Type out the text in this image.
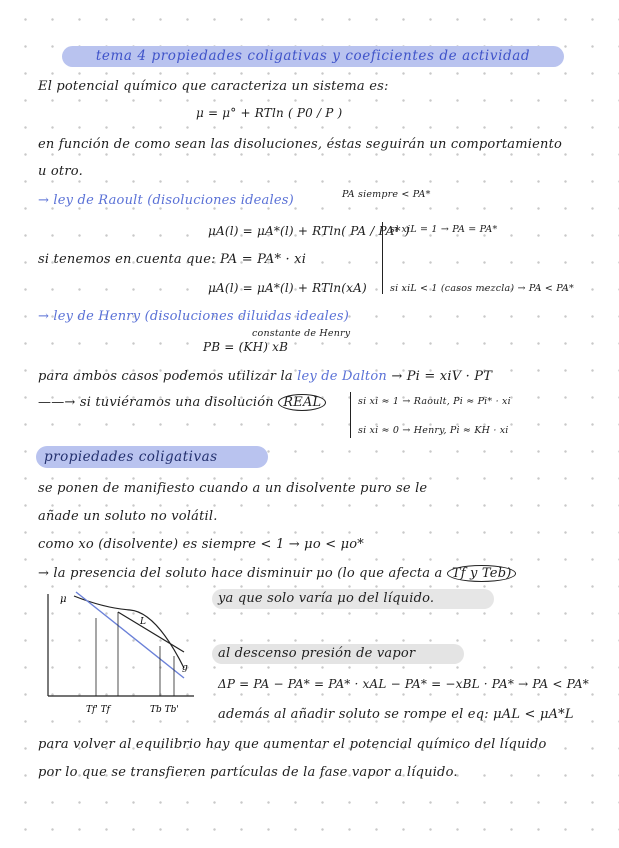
tema 4 propiedades coligativas y coeficientes de actividad
El potencial químico que caracteriza un sistema es:
μ = μ° + RTln ( P0 / P )
en función de como sean las disoluciones, éstas seguirán un comportamiento
u otro.
→ ley de Raoult (disoluciones ideales)	PA siempre < PA*
μA(l) = μA*(l) + RTln( PA / PA* )
si tenemos en cuenta que: PA = PA* · xi
μA(l) = μA*(l) + RTln(xA)
si xiL = 1 → PA = PA*
si xiL < 1 (casos mezcla) → PA < PA*
→ ley de Henry (disoluciones diluidas ideales)
constante de Henry
PB = (KH) xB
para ambos casos podemos utilizar la ley de Dalton → Pi = xiV · PT
——→ si tuviéramos una disolución REAL	si xi ≈ 1 → Raoult, Pi ≈ Pi* · xi
si xi ≈ 0 → Henry, Pi ≈ KH · xi
propiedades coligativas
se ponen de manifiesto cuando a un disolvente puro se le
añade un soluto no volátil.
como xo (disolvente) es siempre < 1 → μo < μo*
→ la presencia del soluto hace disminuir μo (lo que afecta a Tf y Teb)
ya que solo varía μo del líquido.
al descenso presión de vapor
ΔP = PA − PA* = PA* · xAL − PA* = −xBL · PA* → PA < PA*
además al añadir soluto se rompe el eq: μAL < μA*L
para volver al equilibrio hay que aumentar el potencial químico del líquido
por lo que se transfieren partículas de la fase vapor a líquido.
μ
L
g
Tf' Tf	Tb Tb'
